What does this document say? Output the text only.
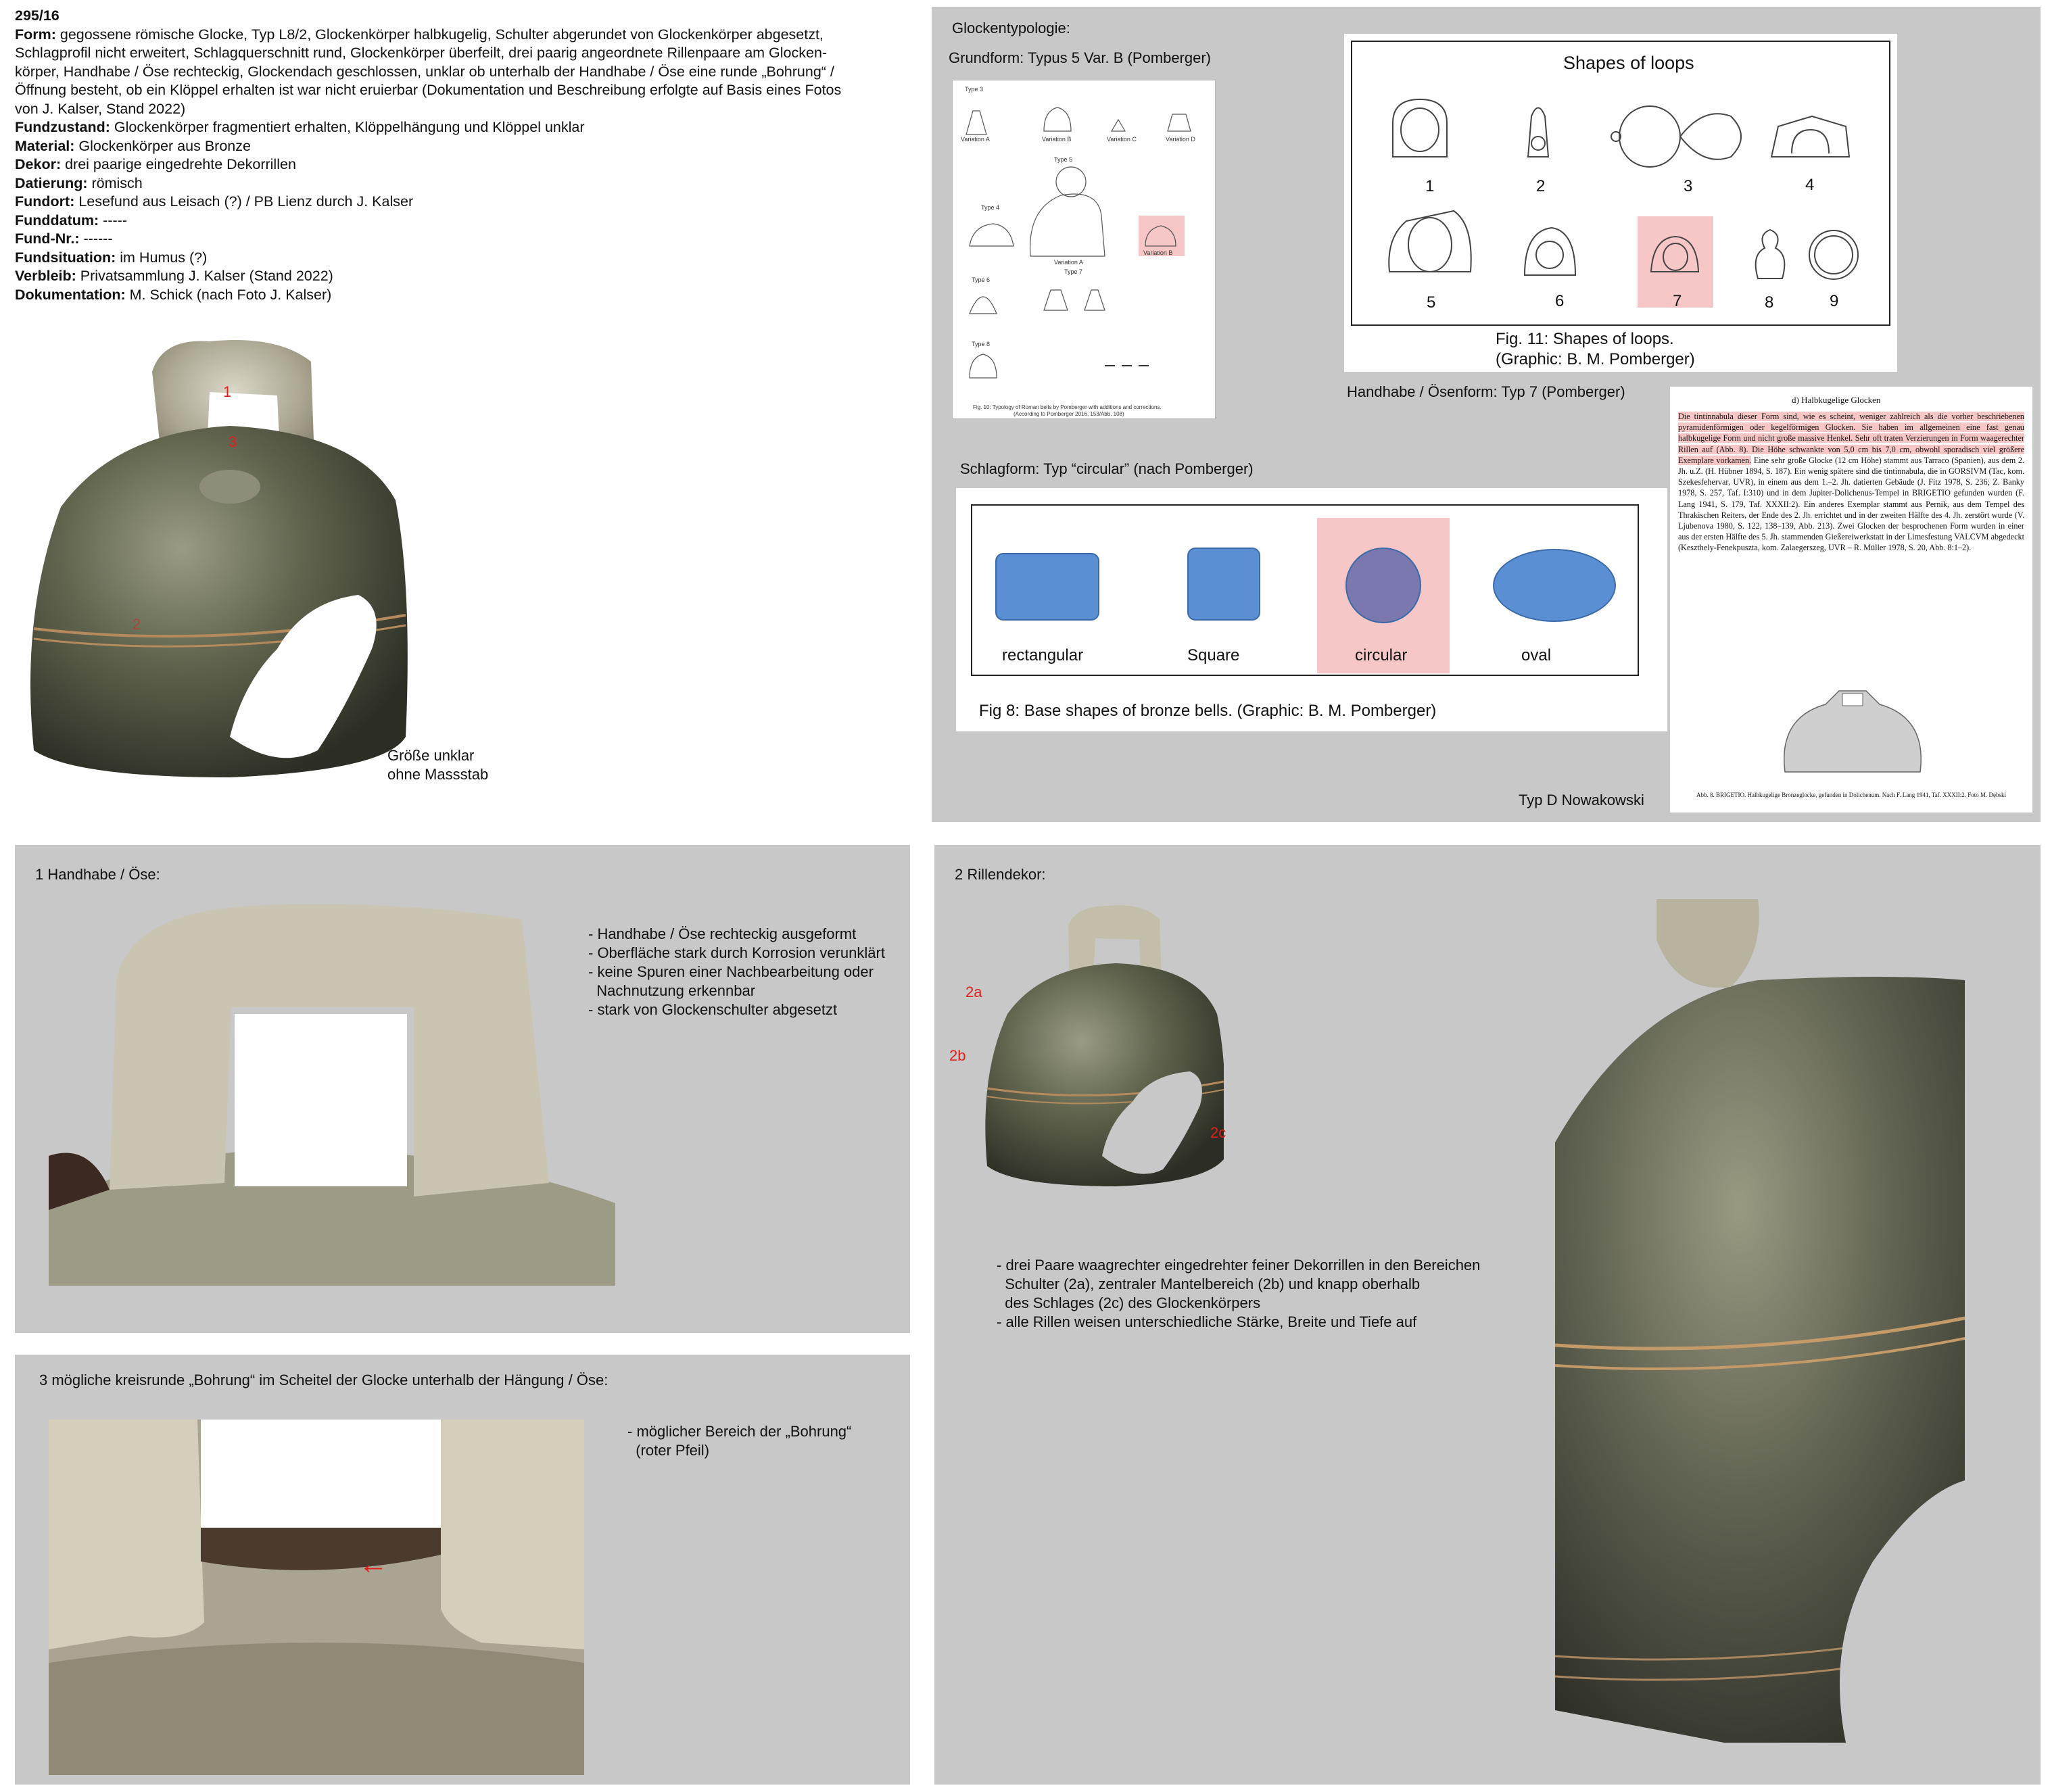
295/16

Form: gegossene römische Glocke, Typ L8/2, Glockenkörper halbkugelig, Schulter abgerundet von Glockenkörper abgesetzt,

Schlagprofil nicht erweitert, Schlagquerschnitt rund, Glockenkörper überfeilt, drei paarig angeordnete Rillenpaare am Glocken-

körper, Handhabe / Öse rechteckig, Glockendach geschlossen, unklar ob unterhalb der Handhabe / Öse eine runde „Bohrung“ /

Öffnung besteht, ob ein Klöppel erhalten ist war nicht eruierbar (Dokumentation und Beschreibung erfolgte auf Basis eines Fotos

von J. Kalser, Stand 2022)

Fundzustand: Glockenkörper fragmentiert erhalten, Klöppelhängung und Klöppel unklar

Material: Glockenkörper aus Bronze

Dekor: drei paarige eingedrehte Dekorrillen

Datierung: römisch

Fundort: Lesefund aus Leisach (?) / PB Lienz durch J. Kalser

Funddatum: -----

Fund-Nr.: ------

Fundsituation: im Humus (?)

Verbleib: Privatsammlung J. Kalser (Stand 2022)

Dokumentation: M. Schick (nach Foto J. Kalser)

1
3
2
Größe unklar
ohne Massstab
Glockentypologie:
Grundform: Typus 5 Var. B (Pomberger)
Type 3
Variation A	Variation B	Variation C	Variation D
Type 5
Type 4
Variation A
Variation B
Type 6
Type 7
Type 8
Fig. 10: Typology of Roman bells by Pomberger with additions and corrections.
(According to Pomberger 2016, 153/Abb. 108)
Shapes of loops
1	2	3	4
5	6	7	8	9
Fig. 11: Shapes of loops.
(Graphic: B. M. Pomberger)
Handhabe / Ösenform: Typ 7 (Pomberger)
Schlagform: Typ “circular” (nach Pomberger)
rectangular	Square	circular	oval
Fig 8: Base shapes of bronze bells. (Graphic: B. M. Pomberger)
d) Halbkugelige Glocken
Die tintinnabula dieser Form sind, wie es scheint, weniger zahlreich als die vorher beschriebenen pyramidenförmigen oder kegelförmigen Glocken. Sie haben im allgemeinen eine fast genau halbkugelige Form und nicht große massive Henkel. Sehr oft traten Verzierungen in Form waagerechter Rillen auf (Abb. 8). Die Höhe schwankte von 5,0 cm bis 7,0 cm, obwohl sporadisch viel größere Exemplare vorkamen. Eine sehr große Glocke (12 cm Höhe) stammt aus Tarraco (Spanien), aus dem 2. Jh. u.Z. (H. Hübner 1894, S. 187). Ein wenig spätere sind die tintinnabula, die in GORSIVM (Tac, kom. Szekesfehervar, UVR), in einem aus dem 1.–2. Jh. datierten Gebäude (J. Fitz 1978, S. 236; Z. Banky 1978, S. 257, Taf. I:310) und in dem Jupiter-Dolichenus-Tempel in BRIGETIO gefunden wurden (F. Lang 1941, S. 179, Taf. XXXII:2). Ein anderes Exemplar stammt aus Pernik, aus dem Tempel des Thrakischen Reiters, der Ende des 2. Jh. errichtet und in der zweiten Hälfte des 4. Jh. zerstört wurde (V. Ljubenova 1980, S. 122, 138–139, Abb. 213). Zwei Glocken der besprochenen Form wurden in einer aus der ersten Hälfte des 5. Jh. stammenden Gießereiwerkstatt in der Limesfestung VALCVM abgedeckt (Keszthely-Fenekpuszta, kom. Zalaegerszeg, UVR – R. Müller 1978, S. 20, Abb. 8:1–2).
Abb. 8. BRIGETIO. Halbkugelige Bronzeglocke, gefunden in Dolichenum. Nach F. Lang 1941, Taf. XXXII:2. Foto M. Dębski
Typ D Nowakowski
1 Handhabe / Öse:
- Handhabe / Öse rechteckig ausgeformt
- Oberfläche stark durch Korrosion verunklärt
- keine Spuren einer Nachbearbeitung oder
Nachnutzung erkennbar
- stark von Glockenschulter abgesetzt
3 mögliche kreisrunde „Bohrung“ im Scheitel der Glocke unterhalb der Hängung / Öse:
←
- möglicher Bereich der „Bohrung“
(roter Pfeil)
2 Rillendekor:
2a
2b
2c
- drei Paare waagrechter eingedrehter feiner Dekorrillen in den Bereichen
Schulter (2a), zentraler Mantelbereich (2b) und knapp oberhalb
des Schlages (2c) des Glockenkörpers
- alle Rillen weisen unterschiedliche Stärke, Breite und Tiefe auf
